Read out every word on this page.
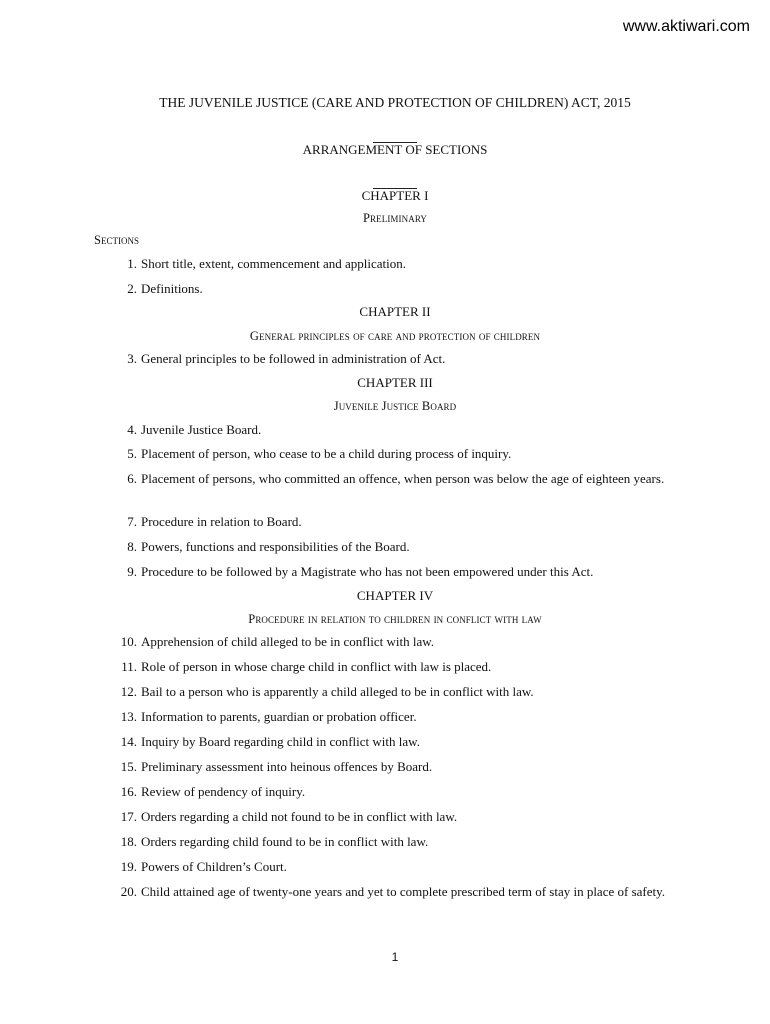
www.aktiwari.com
THE JUVENILE JUSTICE (CARE AND PROTECTION OF CHILDREN) ACT, 2015
ARRANGEMENT OF SECTIONS
CHAPTER I
Preliminary
Sections
1. Short title, extent, commencement and application.
2. Definitions.
CHAPTER II
General principles of care and protection of children
3. General principles to be followed in administration of Act.
CHAPTER III
Juvenile Justice Board
4. Juvenile Justice Board.
5. Placement of person, who cease to be a child during process of inquiry.
6. Placement of persons, who committed an offence, when person was below the age of eighteen years.
7. Procedure in relation to Board.
8. Powers, functions and responsibilities of the Board.
9. Procedure to be followed by a Magistrate who has not been empowered under this Act.
CHAPTER IV
Procedure in relation to children in conflict with law
10. Apprehension of child alleged to be in conflict with law.
11. Role of person in whose charge child in conflict with law is placed.
12. Bail to a person who is apparently a child alleged to be in conflict with law.
13. Information to parents, guardian or probation officer.
14. Inquiry by Board regarding child in conflict with law.
15. Preliminary assessment into heinous offences by Board.
16. Review of pendency of inquiry.
17. Orders regarding a child not found to be in conflict with law.
18. Orders regarding child found to be in conflict with law.
19. Powers of Children’s Court.
20. Child attained age of twenty-one years and yet to complete prescribed term of stay in place of safety.
1
